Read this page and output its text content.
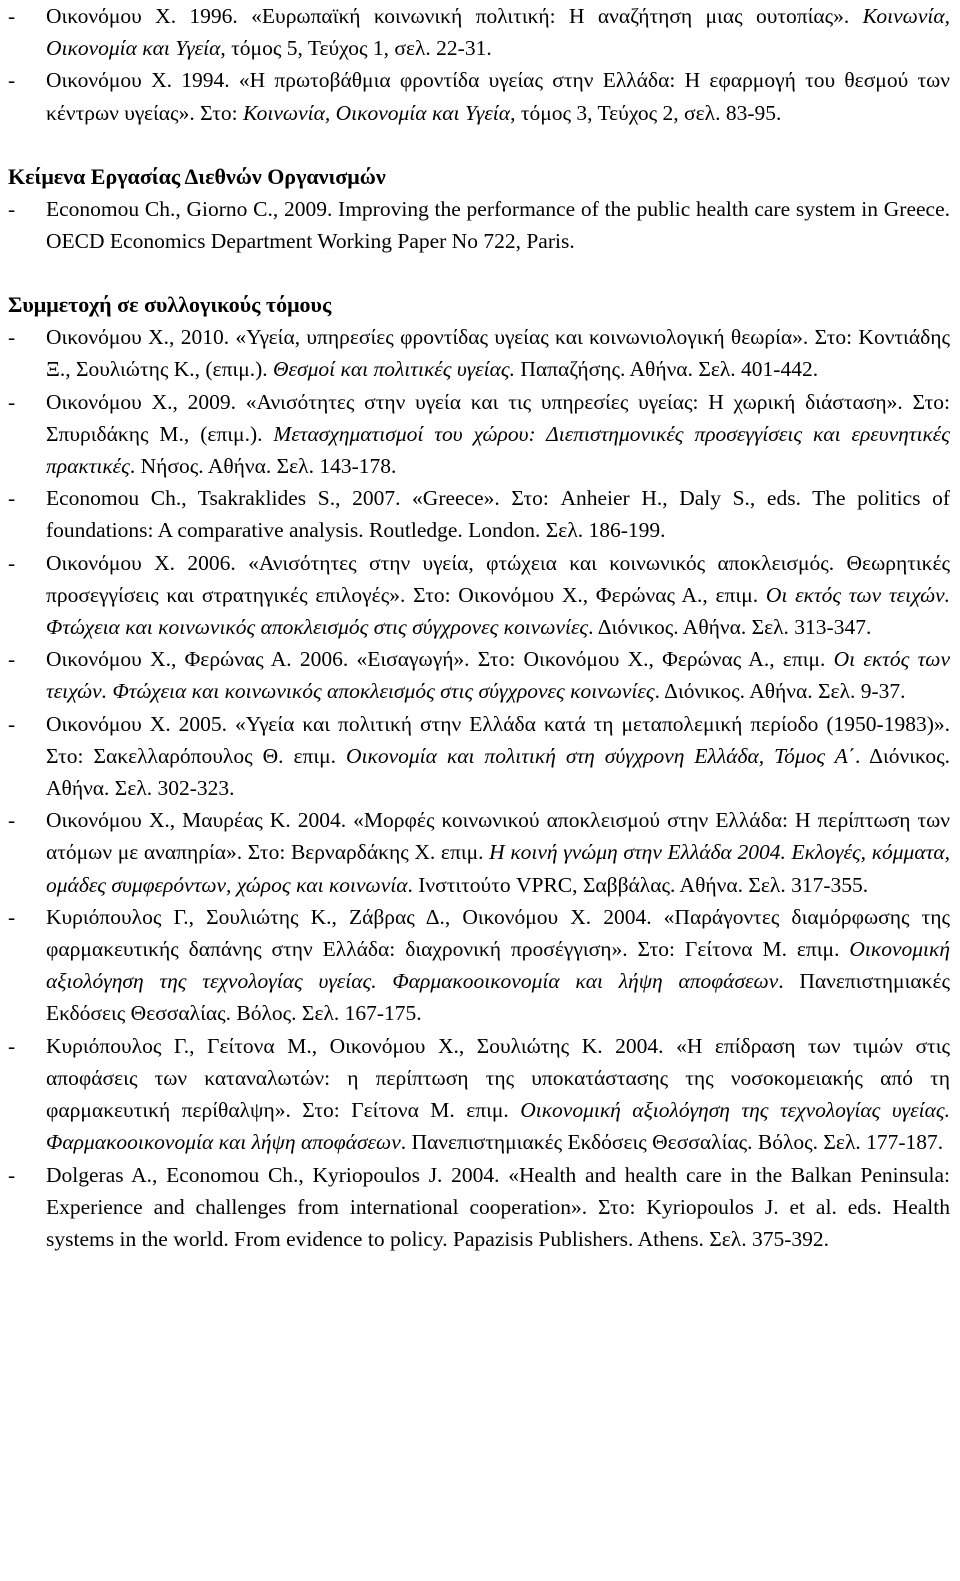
-	Οικονόμου Χ. 1996. «Ευρωπαϊκή κοινωνική πολιτική: Η αναζήτηση μιας ουτοπίας». Κοινωνία, Οικονομία και Υγεία, τόμος 5, Τεύχος 1, σελ. 22-31.

-	Οικονόμου Χ. 1994. «Η πρωτοβάθμια φροντίδα υγείας στην Ελλάδα: Η εφαρμογή του θεσμού των κέντρων υγείας». Στο: Κοινωνία, Οικονομία και Υγεία, τόμος 3, Τεύχος 2, σελ. 83-95.

Κείμενα Εργασίας Διεθνών Οργανισμών

-	Economou Ch., Giorno C., 2009. Improving the performance of the public health care system in Greece. OECD Economics Department Working Paper No 722, Paris.

Συμμετοχή σε συλλογικούς τόμους

-	Οικονόμου Χ., 2010. «Υγεία, υπηρεσίες φροντίδας υγείας και κοινωνιολογική θεωρία». Στο: Κοντιάδης Ξ., Σουλιώτης Κ., (επιμ.). Θεσμοί και πολιτικές υγείας. Παπαζήσης. Αθήνα. Σελ. 401-442.

-	Οικονόμου Χ., 2009. «Ανισότητες στην υγεία και τις υπηρεσίες υγείας: Η χωρική διάσταση». Στο: Σπυριδάκης Μ., (επιμ.). Μετασχηματισμοί του χώρου: Διεπιστημονικές προσεγγίσεις και ερευνητικές πρακτικές. Νήσος. Αθήνα. Σελ. 143-178.

-	Economou Ch., Tsakraklides S., 2007. «Greece». Στο: Anheier H., Daly S., eds. The politics of foundations: A comparative analysis. Routledge. London. Σελ. 186-199.

-	Οικονόμου Χ. 2006. «Ανισότητες στην υγεία, φτώχεια και κοινωνικός αποκλεισμός. Θεωρητικές προσεγγίσεις και στρατηγικές επιλογές». Στο: Οικονόμου Χ., Φερώνας Α., επιμ. Οι εκτός των τειχών. Φτώχεια και κοινωνικός αποκλεισμός στις σύγχρονες κοινωνίες. Διόνικος. Αθήνα. Σελ. 313-347.

-	Οικονόμου Χ., Φερώνας Α. 2006. «Εισαγωγή». Στο: Οικονόμου Χ., Φερώνας Α., επιμ. Οι εκτός των τειχών. Φτώχεια και κοινωνικός αποκλεισμός στις σύγχρονες κοινωνίες. Διόνικος. Αθήνα. Σελ. 9-37.

-	Οικονόμου Χ. 2005. «Υγεία και πολιτική στην Ελλάδα κατά τη μεταπολεμική περίοδο (1950-1983)». Στο: Σακελλαρόπουλος Θ. επιμ. Οικονομία και πολιτική στη σύγχρονη Ελλάδα, Τόμος Α΄. Διόνικος. Αθήνα. Σελ. 302-323.

-	Οικονόμου Χ., Μαυρέας Κ. 2004. «Μορφές κοινωνικού αποκλεισμού στην Ελλάδα: Η περίπτωση των ατόμων με αναπηρία». Στο: Βερναρδάκης Χ. επιμ. Η κοινή γνώμη στην Ελλάδα 2004. Εκλογές, κόμματα, ομάδες συμφερόντων, χώρος και κοινωνία. Ινστιτούτο VPRC, Σαββάλας. Αθήνα. Σελ. 317-355.

-	Κυριόπουλος Γ., Σουλιώτης Κ., Ζάβρας Δ., Οικονόμου Χ. 2004. «Παράγοντες διαμόρφωσης της φαρμακευτικής δαπάνης στην Ελλάδα: διαχρονική προσέγγιση». Στο: Γείτονα Μ. επιμ. Οικονομική αξιολόγηση της τεχνολογίας υγείας. Φαρμακοοικονομία και λήψη αποφάσεων. Πανεπιστημιακές Εκδόσεις Θεσσαλίας. Βόλος. Σελ. 167-175.

-	Κυριόπουλος Γ., Γείτονα Μ., Οικονόμου Χ., Σουλιώτης Κ. 2004. «Η επίδραση των τιμών στις αποφάσεις των καταναλωτών: η περίπτωση της υποκατάστασης της νοσοκομειακής από τη φαρμακευτική περίθαλψη». Στο: Γείτονα Μ. επιμ. Οικονομική αξιολόγηση της τεχνολογίας υγείας. Φαρμακοοικονομία και λήψη αποφάσεων. Πανεπιστημιακές Εκδόσεις Θεσσαλίας. Βόλος. Σελ. 177-187.

-	Dolgeras A., Economou Ch., Kyriopoulos J. 2004. «Health and health care in the Balkan Peninsula: Experience and challenges from international cooperation». Στο: Kyriopoulos J. et al. eds. Health systems in the world. From evidence to policy. Papazisis Publishers. Athens. Σελ. 375-392.
